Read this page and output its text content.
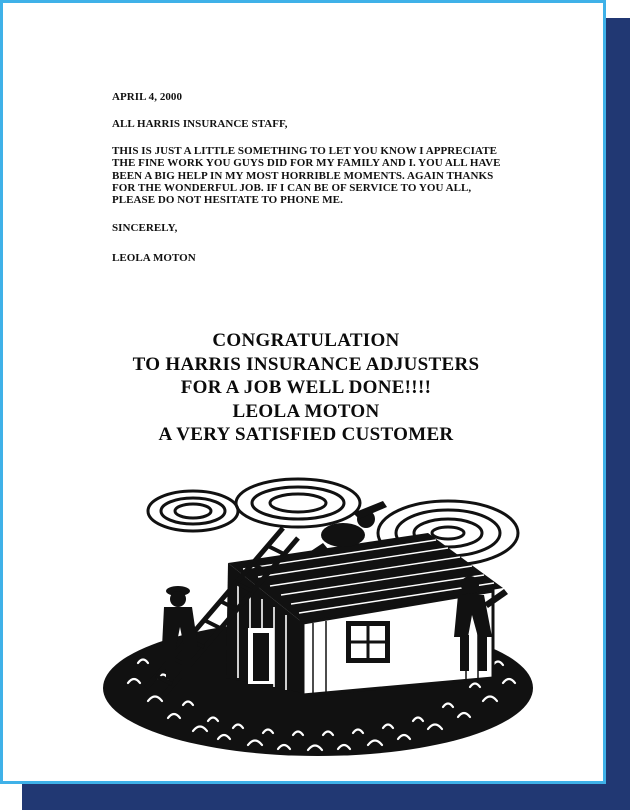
APRIL 4, 2000

ALL HARRIS INSURANCE STAFF,

THIS IS JUST A LITTLE SOMETHING TO LET YOU KNOW I APPRECIATE
THE FINE WORK YOU GUYS DID FOR MY FAMILY AND I. YOU ALL HAVE
BEEN A BIG HELP IN MY MOST HORRIBLE MOMENTS. AGAIN THANKS
FOR THE WONDERFUL JOB. IF I CAN BE OF SERVICE TO YOU ALL,
PLEASE DO NOT HESITATE TO PHONE ME.

SINCERELY,

LEOLA MOTON

CONGRATULATION
TO HARRIS INSURANCE ADJUSTERS
FOR A JOB WELL DONE!!!!
LEOLA MOTON
A VERY SATISFIED CUSTOMER
